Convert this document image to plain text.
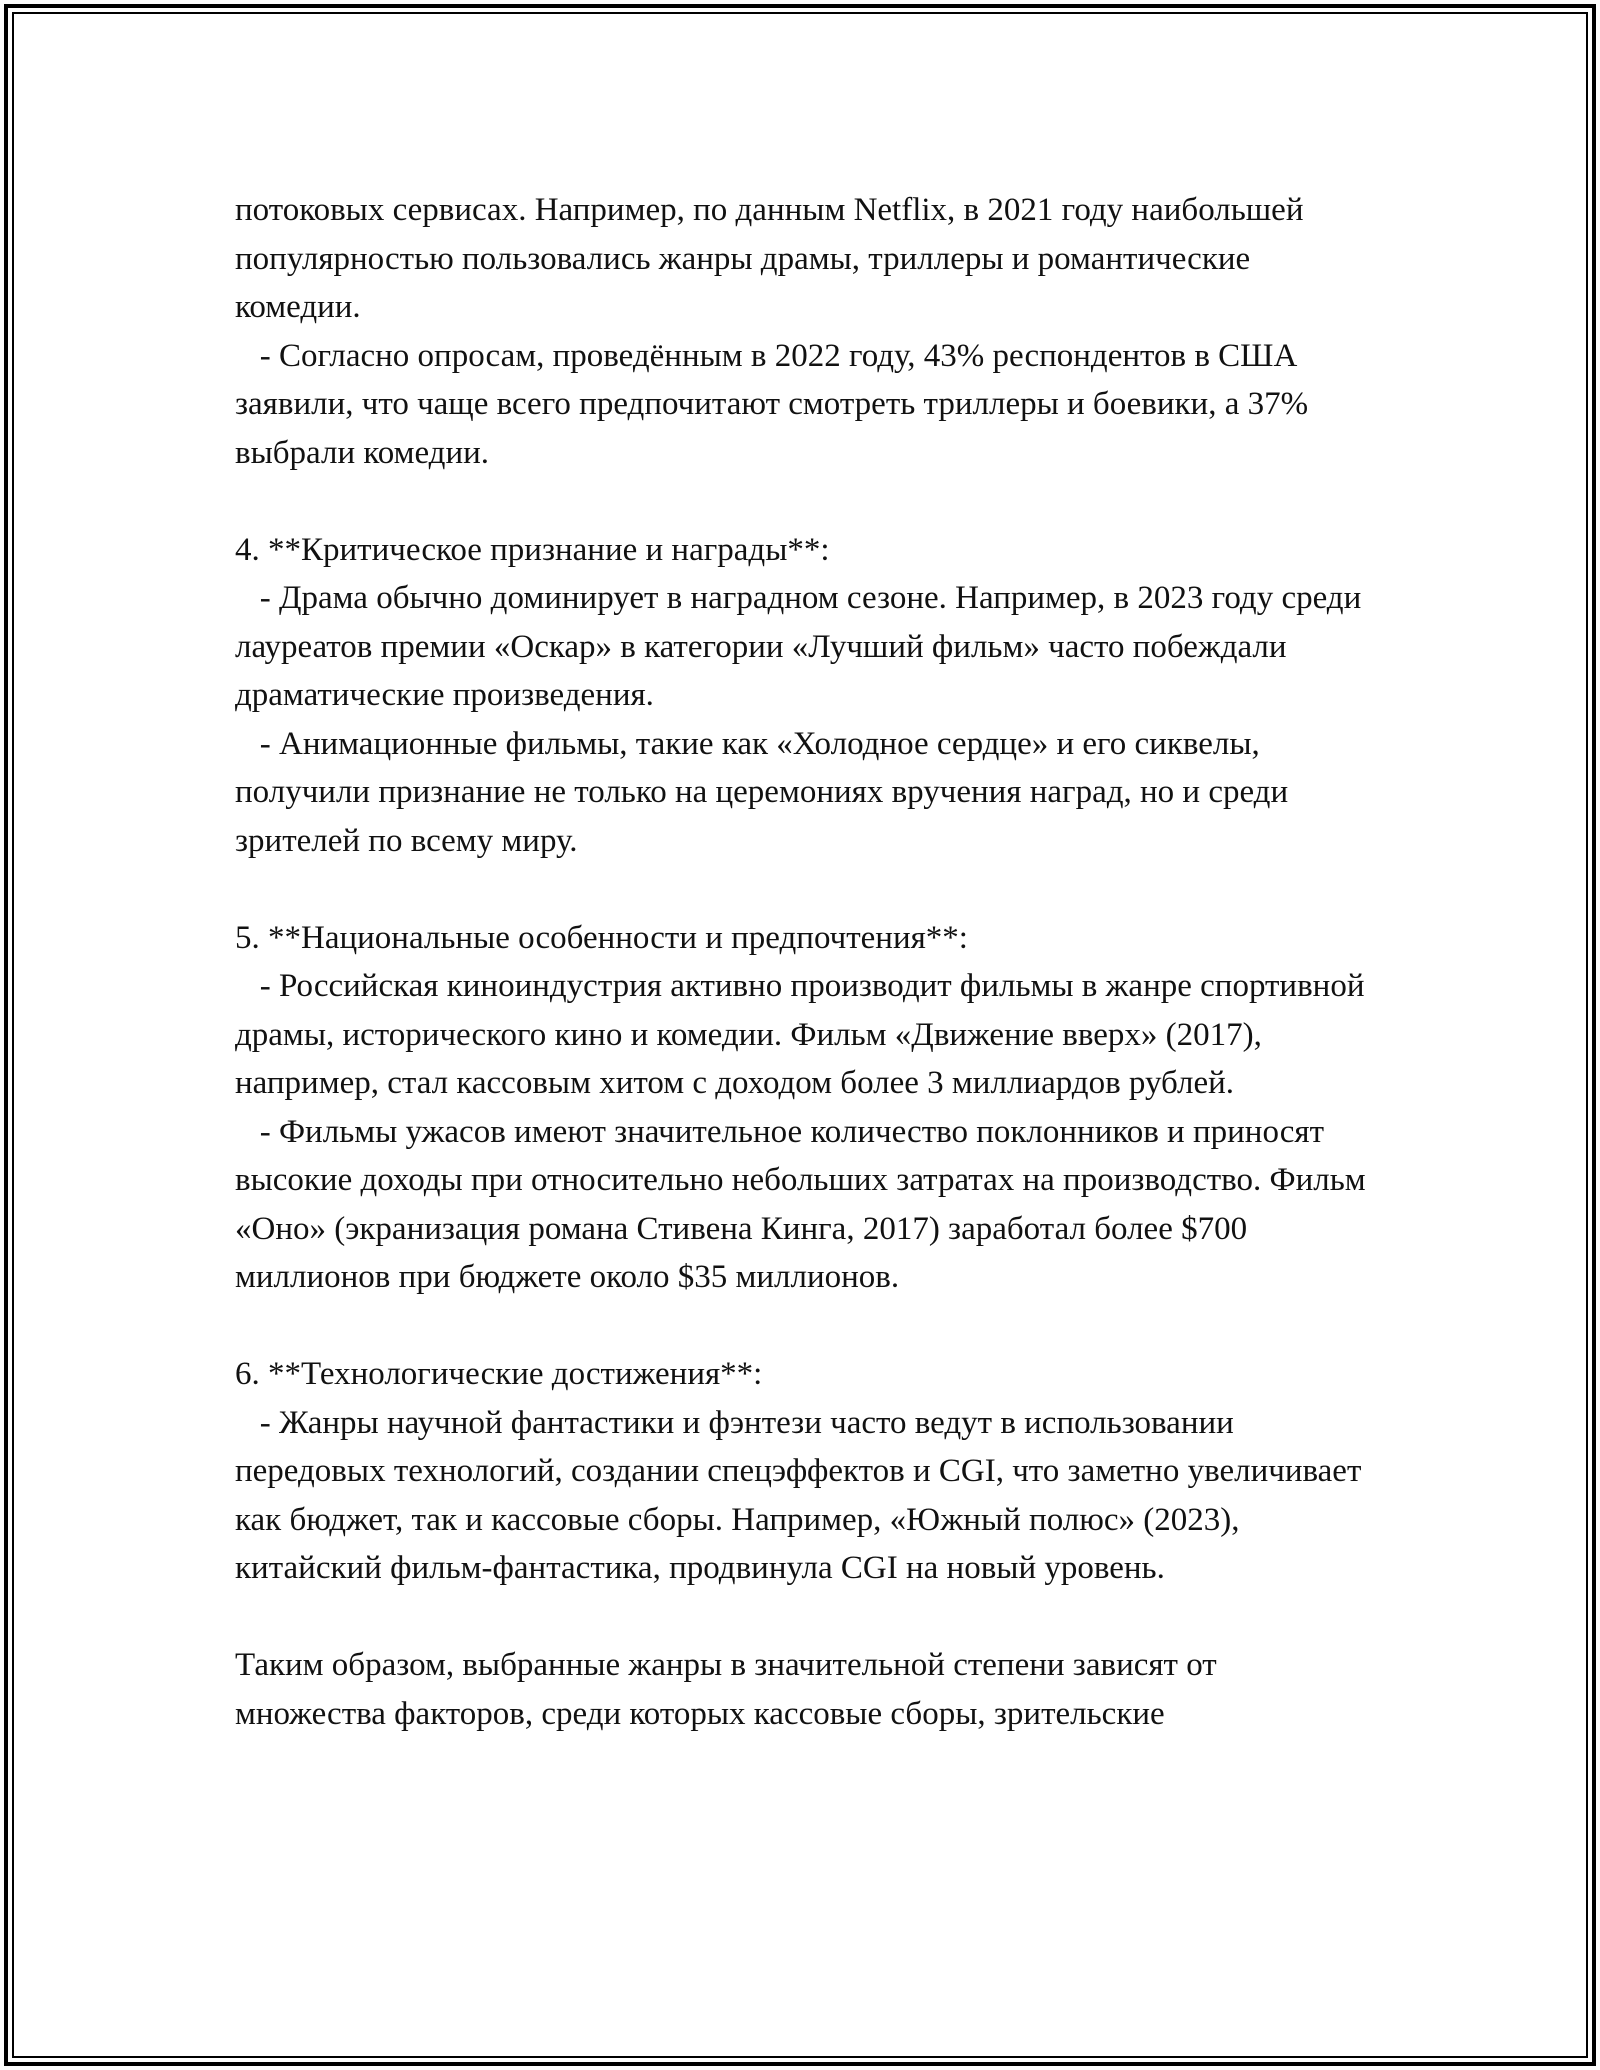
потоковых сервисах. Например, по данным Netflix, в 2021 году наибольшей популярностью пользовались жанры драмы, триллеры и романтические комедии.

- Согласно опросам, проведённым в 2022 году, 43% респондентов в США заявили, что чаще всего предпочитают смотреть триллеры и боевики, а 37% выбрали комедии.

4. **Критическое признание и награды**:

- Драма обычно доминирует в наградном сезоне. Например, в 2023 году среди лауреатов премии «Оскар» в категории «Лучший фильм» часто побеждали драматические произведения.

- Анимационные фильмы, такие как «Холодное сердце» и его сиквелы, получили признание не только на церемониях вручения наград, но и среди зрителей по всему миру.

5. **Национальные особенности и предпочтения**:

- Российская киноиндустрия активно производит фильмы в жанре спортивной драмы, исторического кино и комедии. Фильм «Движение вверх» (2017), например, стал кассовым хитом с доходом более 3 миллиардов рублей.

- Фильмы ужасов имеют значительное количество поклонников и приносят высокие доходы при относительно небольших затратах на производство. Фильм «Оно» (экранизация романа Стивена Кинга, 2017) заработал более $700 миллионов при бюджете около $35 миллионов.

6. **Технологические достижения**:

- Жанры научной фантастики и фэнтези часто ведут в использовании передовых технологий, создании спецэффектов и CGI, что заметно увеличивает как бюджет, так и кассовые сборы. Например, «Южный полюс» (2023), китайский фильм-фантастика, продвинула CGI на новый уровень.

Таким образом, выбранные жанры в значительной степени зависят от множества факторов, среди которых кассовые сборы, зрительские
